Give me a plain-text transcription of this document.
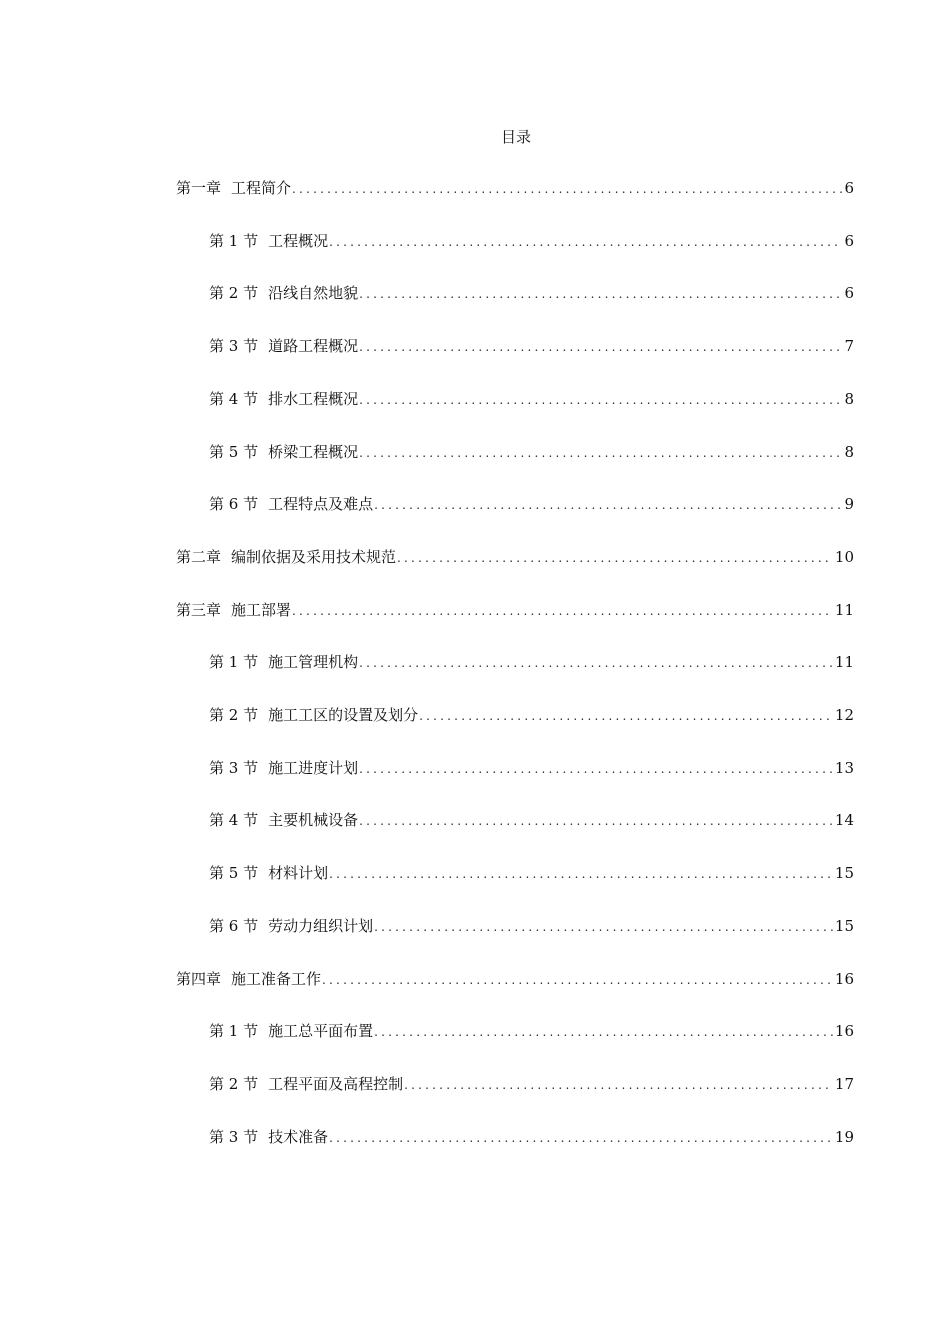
目录
第一章 工程简介 .....	6
第 1 节 工程概况 .....	6
第 2 节 沿线自然地貌 .....	6
第 3 节 道路工程概况 .....	7
第 4 节 排水工程概况 .....	8
第 5 节 桥梁工程概况 .....	8
第 6 节 工程特点及难点 .....	9
第二章 编制依据及采用技术规范 .....	10
第三章 施工部署 .....	11
第 1 节 施工管理机构 .....	11
第 2 节 施工工区的设置及划分 .....	12
第 3 节 施工进度计划 .....	13
第 4 节 主要机械设备 .....	14
第 5 节 材料计划 .....	15
第 6 节 劳动力组织计划 .....	15
第四章 施工准备工作 .....	16
第 1 节 施工总平面布置 .....	16
第 2 节 工程平面及高程控制 .....	17
第 3 节 技术准备 .....	19
